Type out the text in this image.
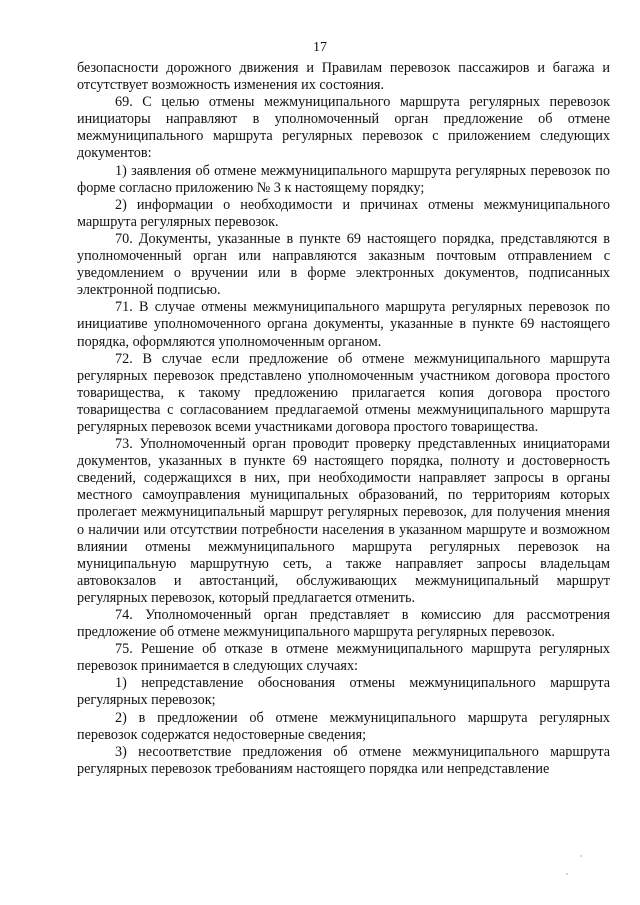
17

безопасности дорожного движения и Правилам перевозок пассажиров и багажа и отсутствует возможность изменения их состояния.

69. С целью отмены межмуниципального маршрута регулярных перевозок инициаторы направляют в уполномоченный орган предложение об отмене межмуниципального маршрута регулярных перевозок с приложением следующих документов:

1) заявления об отмене межмуниципального маршрута регулярных перевозок по форме согласно приложению № 3 к настоящему порядку;

2) информации о необходимости и причинах отмены межмуниципального маршрута регулярных перевозок.

70. Документы, указанные в пункте 69 настоящего порядка, представляются в уполномоченный орган или направляются заказным почтовым отправлением с уведомлением о вручении или в форме электронных документов, подписанных электронной подписью.

71. В случае отмены межмуниципального маршрута регулярных перевозок по инициативе уполномоченного органа документы, указанные в пункте 69 настоящего порядка, оформляются уполномоченным органом.

72. В случае если предложение об отмене межмуниципального маршрута регулярных перевозок представлено уполномоченным участником договора простого товарищества, к такому предложению прилагается копия договора простого товарищества с согласованием предлагаемой отмены межмуниципального маршрута регулярных перевозок всеми участниками договора простого товарищества.

73. Уполномоченный орган проводит проверку представленных инициаторами документов, указанных в пункте 69 настоящего порядка, полноту и достоверность сведений, содержащихся в них, при необходимости направляет запросы в органы местного самоуправления муниципальных образований, по территориям которых пролегает межмуниципальный маршрут регулярных перевозок, для получения мнения о наличии или отсутствии потребности населения в указанном маршруте и возможном влиянии отмены межмуниципального маршрута регулярных перевозок на муниципальную маршрутную сеть, а также направляет запросы владельцам автовокзалов и автостанций, обслуживающих межмуниципальный маршрут регулярных перевозок, который предлагается отменить.

74. Уполномоченный орган представляет в комиссию для рассмотрения предложение об отмене межмуниципального маршрута регулярных перевозок.

75. Решение об отказе в отмене межмуниципального маршрута регулярных перевозок принимается в следующих случаях:

1) непредставление обоснования отмены межмуниципального маршрута регулярных перевозок;

2) в предложении об отмене межмуниципального маршрута регулярных перевозок содержатся недостоверные сведения;

3) несоответствие предложения об отмене межмуниципального маршрута регулярных перевозок требованиям настоящего порядка или непредставление
